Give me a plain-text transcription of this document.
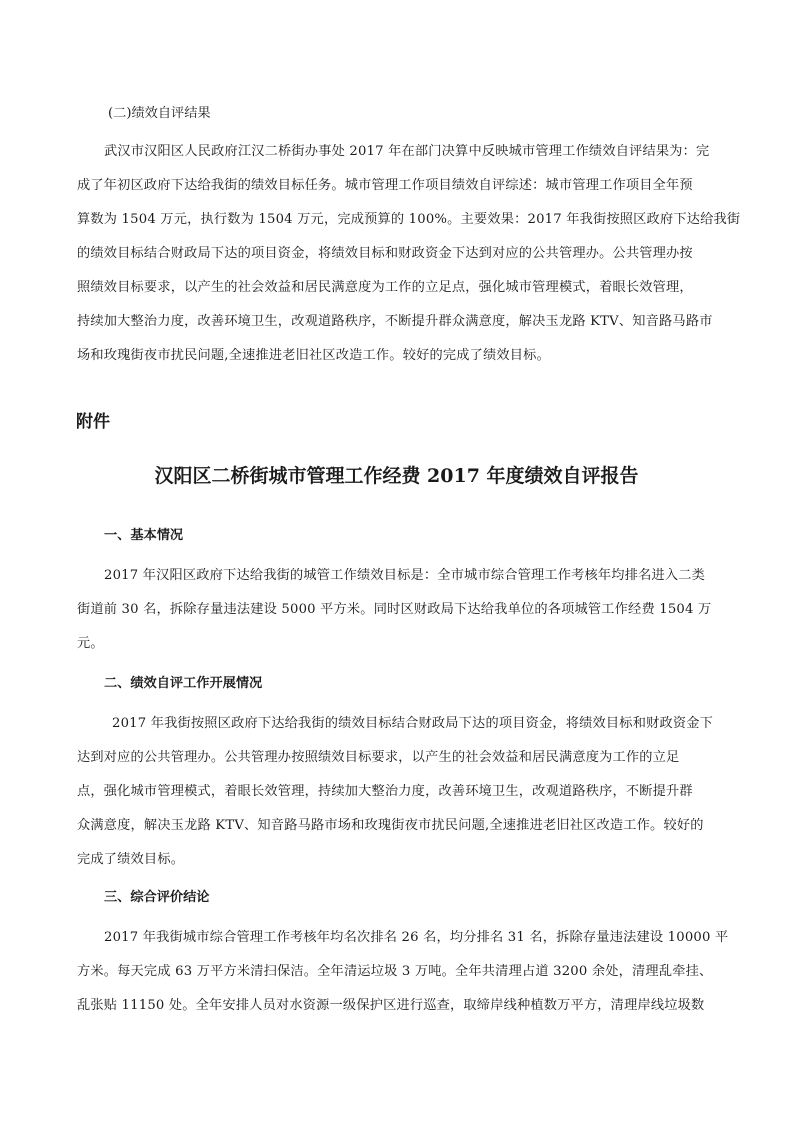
(二)绩效自评结果
武汉市汉阳区人民政府江汉二桥街办事处 2017 年在部门决算中反映城市管理工作绩效自评结果为：完
成了年初区政府下达给我街的绩效目标任务。城市管理工作项目绩效自评综述：城市管理工作项目全年预
算数为 1504 万元，执行数为 1504 万元，完成预算的 100%。主要效果：2017 年我街按照区政府下达给我街
的绩效目标结合财政局下达的项目资金，将绩效目标和财政资金下达到对应的公共管理办。公共管理办按
照绩效目标要求，以产生的社会效益和居民满意度为工作的立足点，强化城市管理模式，着眼长效管理，
持续加大整治力度，改善环境卫生，改观道路秩序，不断提升群众满意度，解决玉龙路 KTV、知音路马路市
场和玫瑰街夜市扰民问题,全速推进老旧社区改造工作。较好的完成了绩效目标。
附件
汉阳区二桥街城市管理工作经费 2017 年度绩效自评报告
一、基本情况
2017 年汉阳区政府下达给我街的城管工作绩效目标是：全市城市综合管理工作考核年均排名进入二类
街道前 30 名，拆除存量违法建设 5000 平方米。同时区财政局下达给我单位的各项城管工作经费 1504 万
元。
二、绩效自评工作开展情况
2017 年我街按照区政府下达给我街的绩效目标结合财政局下达的项目资金，将绩效目标和财政资金下
达到对应的公共管理办。公共管理办按照绩效目标要求，以产生的社会效益和居民满意度为工作的立足
点，强化城市管理模式，着眼长效管理，持续加大整治力度，改善环境卫生，改观道路秩序，不断提升群
众满意度，解决玉龙路 KTV、知音路马路市场和玫瑰街夜市扰民问题,全速推进老旧社区改造工作。较好的
完成了绩效目标。
三、综合评价结论
2017 年我街城市综合管理工作考核年均名次排名 26 名，均分排名 31 名，拆除存量违法建设 10000 平
方米。每天完成 63 万平方米清扫保洁。全年清运垃圾 3 万吨。全年共清理占道 3200 余处，清理乱牵挂、
乱张贴 11150 处。全年安排人员对水资源一级保护区进行巡查，取缔岸线种植数万平方，清理岸线垃圾数
